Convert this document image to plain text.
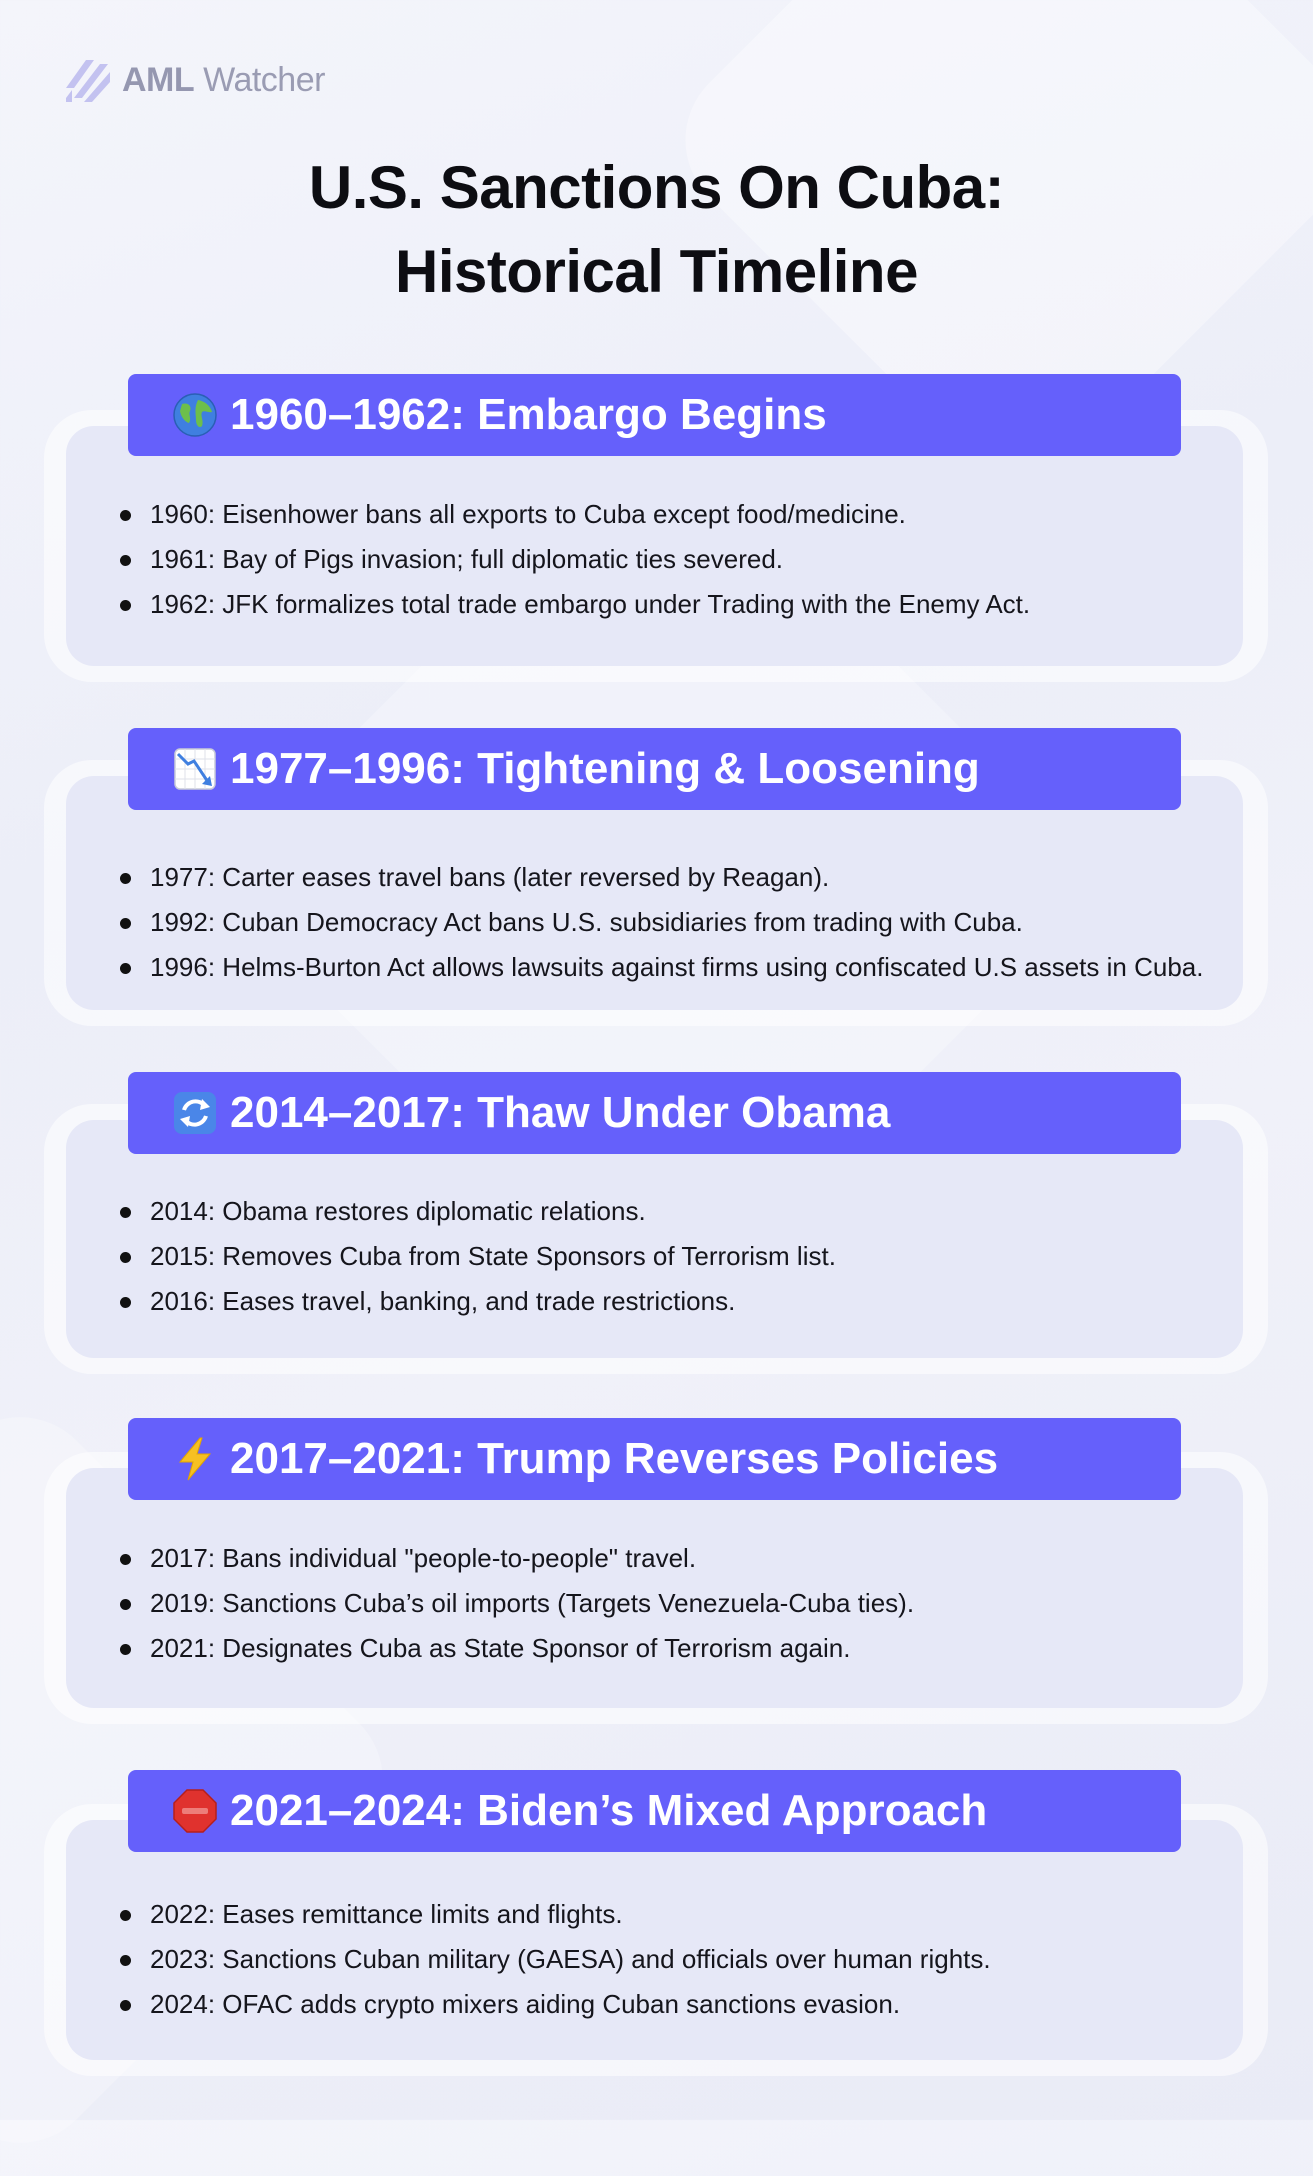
AML Watcher
U.S. Sanctions On Cuba:
Historical Timeline
1960–1962: Embargo Begins
1960: Eisenhower bans all exports to Cuba except food/medicine.
1961: Bay of Pigs invasion; full diplomatic ties severed.
1962: JFK formalizes total trade embargo under Trading with the Enemy Act.
1977–1996: Tightening & Loosening
1977: Carter eases travel bans (later reversed by Reagan).
1992: Cuban Democracy Act bans U.S. subsidiaries from trading with Cuba.
1996: Helms-Burton Act allows lawsuits against firms using confiscated U.S assets in Cuba.
2014–2017: Thaw Under Obama
2014: Obama restores diplomatic relations.
2015: Removes Cuba from State Sponsors of Terrorism list.
2016: Eases travel, banking, and trade restrictions.
2017–2021: Trump Reverses Policies
2017: Bans individual "people-to-people" travel.
2019: Sanctions Cuba’s oil imports (Targets Venezuela-Cuba ties).
2021: Designates Cuba as State Sponsor of Terrorism again.
2021–2024: Biden’s Mixed Approach
2022: Eases remittance limits and flights.
2023: Sanctions Cuban military (GAESA) and officials over human rights.
2024: OFAC adds crypto mixers aiding Cuban sanctions evasion.
